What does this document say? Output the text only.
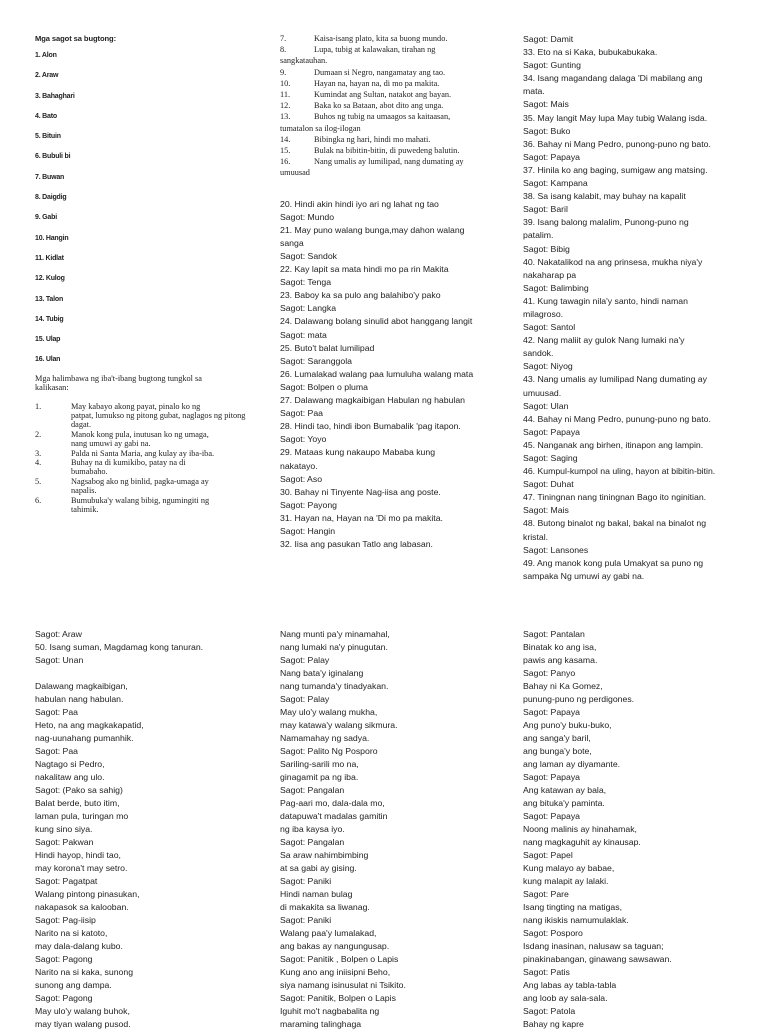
Mga sagot sa bugtong:
1. Alon
2. Araw
3. Bahaghari
4. Bato
5. Bituin
6. Bubuli bi
7. Buwan
8. Daigdig
9. Gabi
10. Hangin
11. Kidlat
12. Kulog
13. Talon
14. Tubig
15. Ulap
16. Ulan
Mga halimbawa ng iba't-ibang bugtong tungkol sa
kalikasan:
1.	May kabayo akong payat, pinalo ko ng
patpat, lumukso ng pitong gubat, naglagos ng pitong
dagat.
2.	Manok kong pula, inutusan ko ng umaga,
nang umuwi ay gabi na.
3.	Palda ni Santa Maria, ang kulay ay iba-iba.
4.	Buhay na di kumikibo, patay na di
bumabaho.
5.	Nagsabog ako ng binlid, pagka-umaga ay
napalis.
6.	Bumubuka'y walang bibig, ngumingiti ng
tahimik.
7.	Kaisa-isang plato, kita sa buong mundo.
8.	Lupa, tubig at kalawakan, tirahan ng
sangkatauhan.
9.	Dumaan si Negro, nangamatay ang tao.
10.	Hayan na, hayan na, di mo pa makita.
11.	Kumindat ang Sultan, natakot ang bayan.
12.	Baka ko sa Bataan, abot dito ang unga.
13.	Buhos ng tubig na umaagos sa kaitaasan,
tumatalon sa ilog-ilogan
14.	Bibingka ng hari, hindi mo mahati.
15.	Bulak na bibitin-bitin, di puwedeng balutin.
16.	Nang umalis ay lumilipad, nang dumating ay
umuusad
20. Hindi akin hindi iyo ari ng lahat ng tao
Sagot: Mundo
21. May puno walang bunga,may dahon walang
sanga
Sagot: Sandok
22. Kay lapit sa mata hindi mo pa rin Makita
Sagot: Tenga
23. Baboy ka sa pulo ang balahibo'y pako
Sagot: Langka
24. Dalawang bolang sinulid abot hanggang langit
Sagot: mata
25. Buto't balat lumilipad
Sagot: Saranggola
26. Lumalakad walang paa lumuluha walang mata
Sagot: Bolpen o pluma
27. Dalawang magkaibigan Habulan ng habulan
Sagot: Paa
28. Hindi tao, hindi ibon Bumabalik 'pag itapon.
Sagot: Yoyo
29. Mataas kung nakaupo Mababa kung
nakatayo.
Sagot: Aso
30. Bahay ni Tinyente Nag-iisa ang poste.
Sagot: Payong
31. Hayan na, Hayan na 'Di mo pa makita.
Sagot: Hangin
32. Iisa ang pasukan Tatlo ang labasan.
Sagot: Damit
33. Eto na si Kaka, bubukabukaka.
Sagot: Gunting
34. Isang magandang dalaga 'Di mabilang ang
mata.
Sagot: Mais
35. May langit May lupa May tubig Walang isda.
Sagot: Buko
36. Bahay ni Mang Pedro, punong-puno ng bato.
Sagot: Papaya
37. Hinila ko ang baging, sumigaw ang matsing.
Sagot: Kampana
38. Sa isang kalabit, may buhay na kapalit
Sagot: Baril
39. Isang balong malalim, Punong-puno ng
patalim.
Sagot: Bibig
40. Nakatalikod na ang prinsesa, mukha niya'y
nakaharap pa
Sagot: Balimbing
41. Kung tawagin nila'y santo, hindi naman
milagroso.
Sagot: Santol
42. Nang maliit ay gulok Nang lumaki na'y
sandok.
Sagot: Niyog
43. Nang umalis ay lumilipad Nang dumating ay
umuusad.
Sagot: Ulan
44. Bahay ni Mang Pedro, punung-puno ng bato.
Sagot: Papaya
45. Nanganak ang birhen, itinapon ang lampin.
Sagot: Saging
46. Kumpul-kumpol na uling, hayon at bibitin-bitin.
Sagot: Duhat
47. Tiningnan nang tiningnan Bago ito nginitian.
Sagot: Mais
48. Butong binalot ng bakal, bakal na binalot ng
kristal.
Sagot: Lansones
49. Ang manok kong pula Umakyat sa puno ng
sampaka Ng umuwi ay gabi na.
Sagot: Araw
50. Isang suman, Magdamag kong tanuran.
Sagot: Unan
Dalawang magkaibigan,
habulan nang habulan.
Sagot: Paa
Heto, na ang magkakapatid,
nag-uunahang pumanhik.
Sagot: Paa
Nagtago si Pedro,
nakalitaw ang ulo.
Sagot: (Pako sa sahig)
Balat berde, buto itim,
laman pula, turingan mo
kung sino siya.
Sagot: Pakwan
Hindi hayop, hindi tao,
may korona't may setro.
Sagot: Pagatpat
Walang pintong pinasukan,
nakapasok sa kalooban.
Sagot: Pag-iisip
Narito na si katoto,
may dala-dalang kubo.
Sagot: Pagong
Narito na si kaka, sunong
sunong ang dampa.
Sagot: Pagong
May ulo'y walang buhok,
may tiyan walang pusod.
Nang munti pa'y minamahal,
nang lumaki na'y pinugutan.
Sagot: Palay
Nang bata'y iginalang
nang tumanda'y tinadyakan.
Sagot: Palay
May ulo'y walang mukha,
may katawa'y walang sikmura.
Namamahay ng sadya.
Sagot: Palito Ng Posporo
Sariling-sarili mo na,
ginagamit pa ng iba.
Sagot: Pangalan
Pag-aari mo, dala-dala mo,
datapuwa't madalas gamitin
ng iba kaysa iyo.
Sagot: Pangalan
Sa araw nahimbimbing
at sa gabi ay gising.
Sagot: Paniki
Hindi naman bulag
di makakita sa liwanag.
Sagot: Paniki
Walang paa'y lumalakad,
ang bakas ay nangungusap.
Sagot: Panitik , Bolpen o Lapis
Kung ano ang iniisipni Beho,
siya namang isinusulat ni Tsikito.
Sagot: Panitik, Bolpen o Lapis
Iguhit mo't nagbabalita ng
maraming talinghaga
Sagot: Pantalan
Binatak ko ang isa,
pawis ang kasama.
Sagot: Panyo
Bahay ni Ka Gomez,
punung-puno ng perdigones.
Sagot: Papaya
Ang puno'y buku-buko,
ang sanga'y baril,
ang bunga'y bote,
ang laman ay diyamante.
Sagot: Papaya
Ang katawan ay bala,
ang bituka'y paminta.
Sagot: Papaya
Noong malinis ay hinahamak,
nang magkaguhit ay kinausap.
Sagot: Papel
Kung malayo ay babae,
kung malapit ay lalaki.
Sagot: Pare
Isang tingting na matigas,
nang ikiskis namumulaklak.
Sagot: Posporo
Isdang inasinan, nalusaw sa taguan;
pinakinabangan, ginawang sawsawan.
Sagot: Patis
Ang labas ay tabla-tabla
ang loob ay sala-sala.
Sagot: Patola
Bahay ng kapre
